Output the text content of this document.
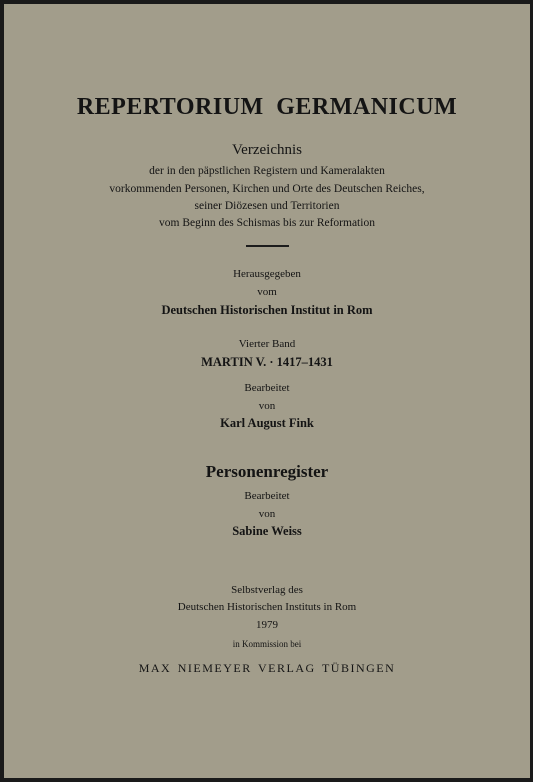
REPERTORIUM GERMANICUM
Verzeichnis
der in den päpstlichen Registern und Kameralakten
vorkommenden Personen, Kirchen und Orte des Deutschen Reiches,
seiner Diözesen und Territorien
vom Beginn des Schismas bis zur Reformation
Herausgegeben
vom
Deutschen Historischen Institut in Rom
Vierter Band
MARTIN V. · 1417–1431
Bearbeitet
von
Karl August Fink
Personenregister
Bearbeitet
von
Sabine Weiss
Selbstverlag des
Deutschen Historischen Instituts in Rom
1979
in Kommission bei
MAX NIEMEYER VERLAG TÜBINGEN
